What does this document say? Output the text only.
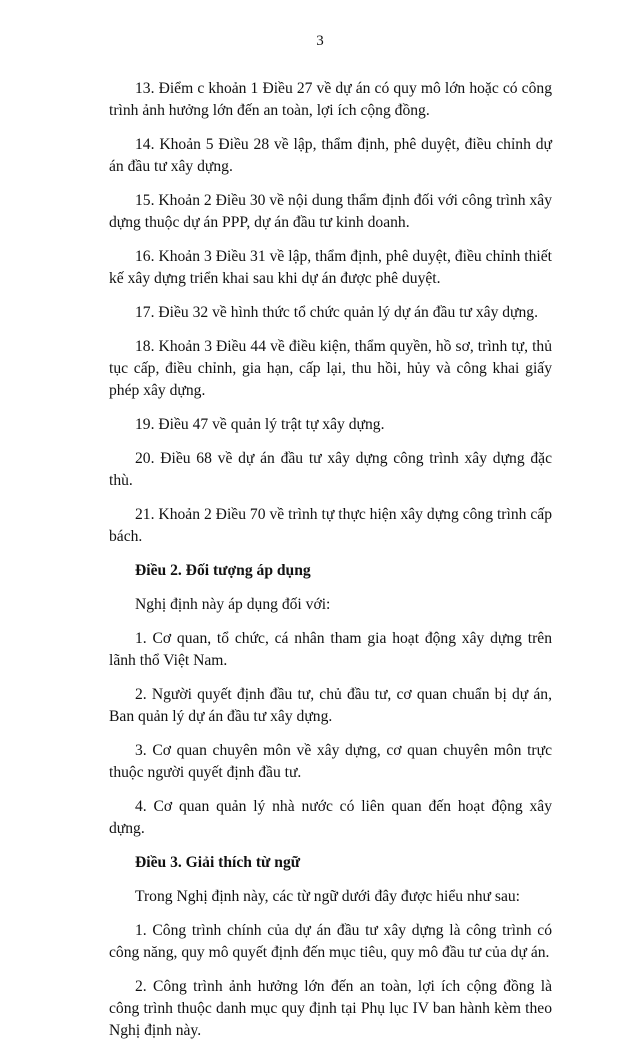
3

13. Điểm c khoản 1 Điều 27 về dự án có quy mô lớn hoặc có công trình ảnh hưởng lớn đến an toàn, lợi ích cộng đồng.

14. Khoản 5 Điều 28 về lập, thẩm định, phê duyệt, điều chỉnh dự án đầu tư xây dựng.

15. Khoản 2 Điều 30 về nội dung thẩm định đối với công trình xây dựng thuộc dự án PPP, dự án đầu tư kinh doanh.

16. Khoản 3 Điều 31 về lập, thẩm định, phê duyệt, điều chỉnh thiết kế xây dựng triển khai sau khi dự án được phê duyệt.

17. Điều 32 về hình thức tổ chức quản lý dự án đầu tư xây dựng.

18. Khoản 3 Điều 44 về điều kiện, thẩm quyền, hồ sơ, trình tự, thủ tục cấp, điều chỉnh, gia hạn, cấp lại, thu hồi, hủy và công khai giấy phép xây dựng.

19. Điều 47 về quản lý trật tự xây dựng.

20. Điều 68 về dự án đầu tư xây dựng công trình xây dựng đặc thù.

21. Khoản 2 Điều 70 về trình tự thực hiện xây dựng công trình cấp bách.

Điều 2. Đối tượng áp dụng

Nghị định này áp dụng đối với:

1. Cơ quan, tổ chức, cá nhân tham gia hoạt động xây dựng trên lãnh thổ Việt Nam.

2. Người quyết định đầu tư, chủ đầu tư, cơ quan chuẩn bị dự án, Ban quản lý dự án đầu tư xây dựng.

3. Cơ quan chuyên môn về xây dựng, cơ quan chuyên môn trực thuộc người quyết định đầu tư.

4. Cơ quan quản lý nhà nước có liên quan đến hoạt động xây dựng.

Điều 3. Giải thích từ ngữ

Trong Nghị định này, các từ ngữ dưới đây được hiểu như sau:

1. Công trình chính của dự án đầu tư xây dựng là công trình có công năng, quy mô quyết định đến mục tiêu, quy mô đầu tư của dự án.

2. Công trình ảnh hưởng lớn đến an toàn, lợi ích cộng đồng là công trình thuộc danh mục quy định tại Phụ lục IV ban hành kèm theo Nghị định này.
